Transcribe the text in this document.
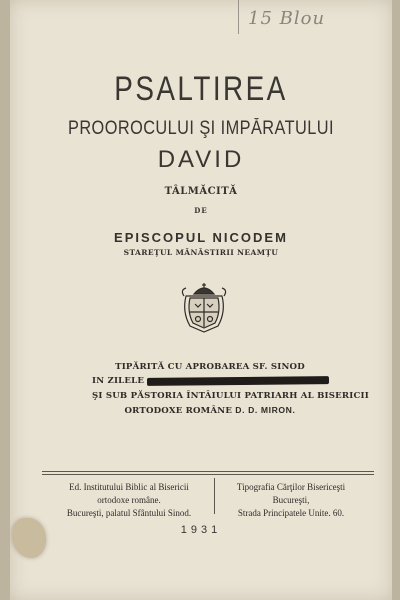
15 Blou
PSALTIREA
PROOROCULUI ŞI IMPĂRATULUI
DAVID
TÂLMĂCITĂ
DE
EPISCOPUL NICODEM
STAREŢUL MĂNĂSTIRII NEAMŢU
TIPĂRITĂ CU APROBAREA SF. SINOD
IN ZILELE
ŞI SUB PĂSTORIA ÎNTÂIULUI PATRIARH AL BISERICII
ORTODOXE ROMÂNE D. D. MIRON.
Ed. Institutului Biblic al Bisericii
ortodoxe române.
Bucureşti, palatul Sfântului Sinod.
Tipografia Cărţilor Bisericeşti
Bucureşti,
Strada Principatele Unite. 60.
1931
